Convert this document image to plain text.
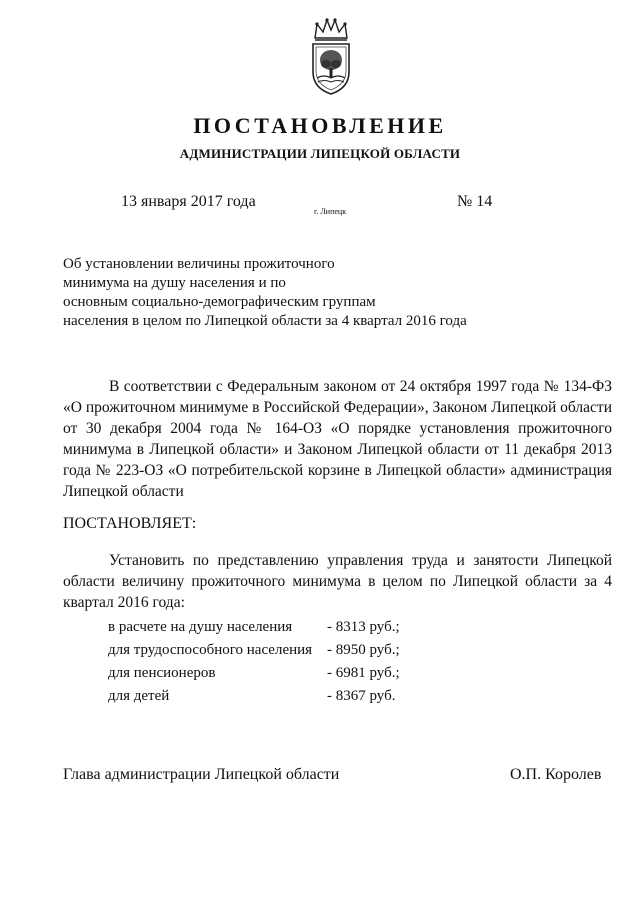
ПОСТАНОВЛЕНИЕ
АДМИНИСТРАЦИИ ЛИПЕЦКОЙ ОБЛАСТИ
13 января 2017 года
г. Липецк
№ 14
Об установлении величины прожиточного
минимума на душу населения и по
основным социально-демографическим группам
населения в целом по Липецкой области за 4 квартал 2016 года
В соответствии с Федеральным законом от 24 октября 1997 года № 134-ФЗ «О прожиточном минимуме в Российской Федерации», Законом Липецкой области от 30 декабря 2004 года № 164-ОЗ «О порядке установления прожиточного минимума в Липецкой области» и Законом Липецкой области от 11 декабря 2013 года № 223-ОЗ «О потребительской корзине в Липецкой области» администрация Липецкой области
ПОСТАНОВЛЯЕТ:
Установить по представлению управления труда и занятости Липецкой области величину прожиточного минимума в целом по Липецкой области за 4 квартал 2016 года:
в расчете на душу населения	- 8313 руб.;
для трудоспособного населения - 8950 руб.;
для пенсионеров	- 6981 руб.;
для детей	- 8367 руб.
Глава администрации Липецкой области	О.П. Королев
